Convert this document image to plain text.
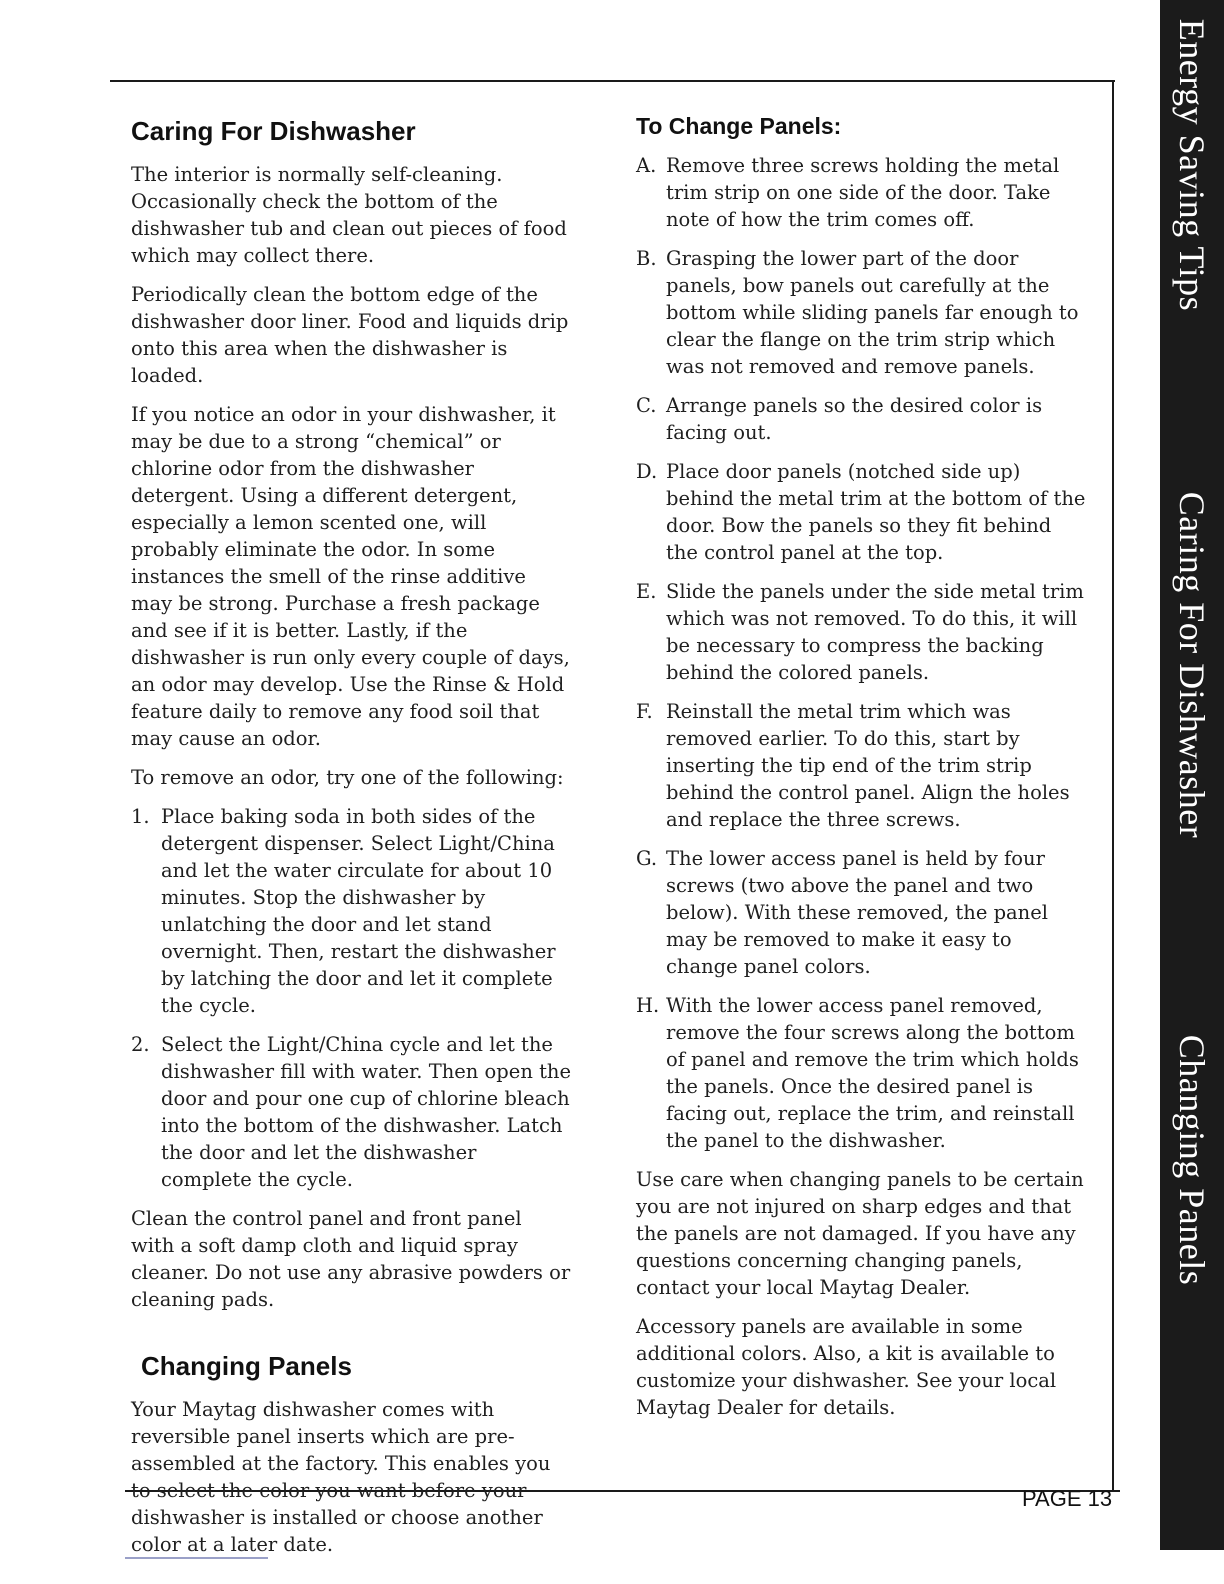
Energy Saving Tips
Caring For Dishwasher
Changing Panels
Caring For Dishwasher

The interior is normally self-cleaning. Occasionally check the bottom of the dishwasher tub and clean out pieces of food which may collect there.

Periodically clean the bottom edge of the dishwasher door liner. Food and liquids drip onto this area when the dishwasher is loaded.

If you notice an odor in your dishwasher, it may be due to a strong “chemical” or chlorine odor from the dishwasher detergent. Using a different detergent, especially a lemon scented one, will probably eliminate the odor. In some instances the smell of the rinse additive may be strong. Purchase a fresh package and see if it is better. Lastly, if the dishwasher is run only every couple of days, an odor may develop. Use the Rinse & Hold feature daily to remove any food soil that may cause an odor.

To remove an odor, try one of the following:

1. Place baking soda in both sides of the detergent dispenser. Select Light/China and let the water circulate for about 10 minutes. Stop the dishwasher by unlatching the door and let stand overnight. Then, restart the dishwasher by latching the door and let it complete the cycle.
2. Select the Light/China cycle and let the dishwasher fill with water. Then open the door and pour one cup of chlorine bleach into the bottom of the dishwasher. Latch the door and let the dishwasher complete the cycle.

Clean the control panel and front panel with a soft damp cloth and liquid spray cleaner. Do not use any abrasive powders or cleaning pads.

Changing Panels

Your Maytag dishwasher comes with reversible panel inserts which are pre-assembled at the factory. This enables you to select the color you want before your dishwasher is installed or choose another color at a later date.

To Change Panels:
A. Remove three screws holding the metal trim strip on one side of the door. Take note of how the trim comes off.
B. Grasping the lower part of the door panels, bow panels out carefully at the bottom while sliding panels far enough to clear the flange on the trim strip which was not removed and remove panels.
C. Arrange panels so the desired color is facing out.
D. Place door panels (notched side up) behind the metal trim at the bottom of the door. Bow the panels so they fit behind the control panel at the top.
E. Slide the panels under the side metal trim which was not removed. To do this, it will be necessary to compress the backing behind the colored panels.
F. Reinstall the metal trim which was removed earlier. To do this, start by inserting the tip end of the trim strip behind the control panel. Align the holes and replace the three screws.
G. The lower access panel is held by four screws (two above the panel and two below). With these removed, the panel may be removed to make it easy to change panel colors.
H. With the lower access panel removed, remove the four screws along the bottom of panel and remove the trim which holds the panels. Once the desired panel is facing out, replace the trim, and reinstall the panel to the dishwasher.

Use care when changing panels to be certain you are not injured on sharp edges and that the panels are not damaged. If you have any questions concerning changing panels, contact your local Maytag Dealer.

Accessory panels are available in some additional colors. Also, a kit is available to customize your dishwasher. See your local Maytag Dealer for details.

PAGE 13
